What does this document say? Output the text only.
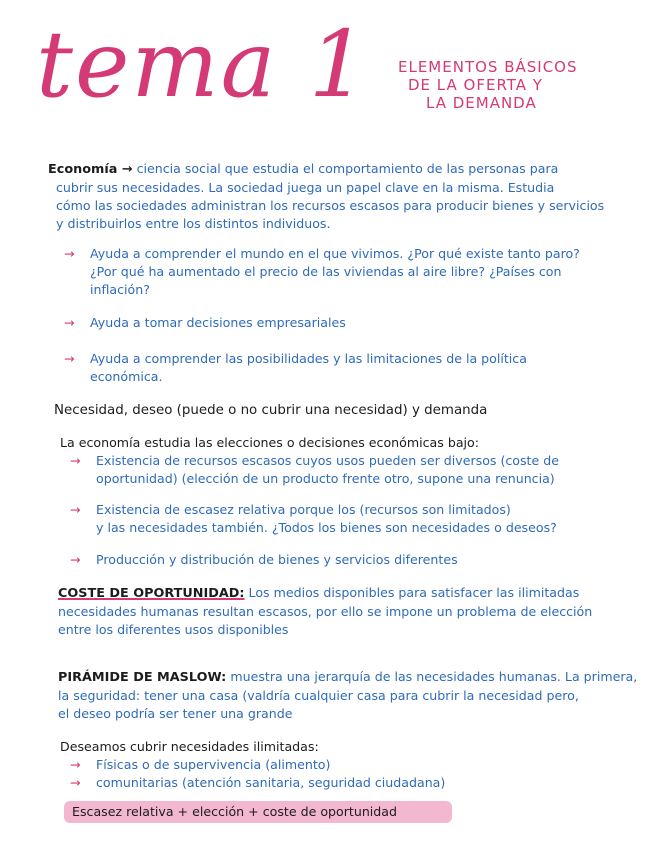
tema 1 ELEMENTOS BÁSICOS
DE LA OFERTA Y
LA DEMANDA
Economía → ciencia social que estudia el comportamiento de las personas para
cubrir sus necesidades. La sociedad juega un papel clave en la misma. Estudia
cómo las sociedades administran los recursos escasos para producir bienes y servicios
y distribuirlos entre los distintos individuos.
→ Ayuda a comprender el mundo en el que vivimos. ¿Por qué existe tanto paro?
¿Por qué ha aumentado el precio de las viviendas al aire libre? ¿Países con
inflación?
→ Ayuda a tomar decisiones empresariales
→ Ayuda a comprender las posibilidades y las limitaciones de la política
económica.
Necesidad, deseo (puede o no cubrir una necesidad) y demanda
La economía estudia las elecciones o decisiones económicas bajo:
→ Existencia de recursos escasos cuyos usos pueden ser diversos (coste de
oportunidad) (elección de un producto frente otro, supone una renuncia)
→ Existencia de escasez relativa porque los (recursos son limitados)
y las necesidades también. ¿Todos los bienes son necesidades o deseos?
→ Producción y distribución de bienes y servicios diferentes
COSTE DE OPORTUNIDAD: Los medios disponibles para satisfacer las ilimitadas
necesidades humanas resultan escasos, por ello se impone un problema de elección
entre los diferentes usos disponibles
PIRÁMIDE DE MASLOW: muestra una jerarquía de las necesidades humanas. La primera,
la seguridad: tener una casa (valdría cualquier casa para cubrir la necesidad pero,
el deseo podría ser tener una grande
Deseamos cubrir necesidades ilimitadas:
→ Físicas o de supervivencia (alimento)
→ comunitarias (atención sanitaria, seguridad ciudadana)
Escasez relativa + elección + coste de oportunidad
